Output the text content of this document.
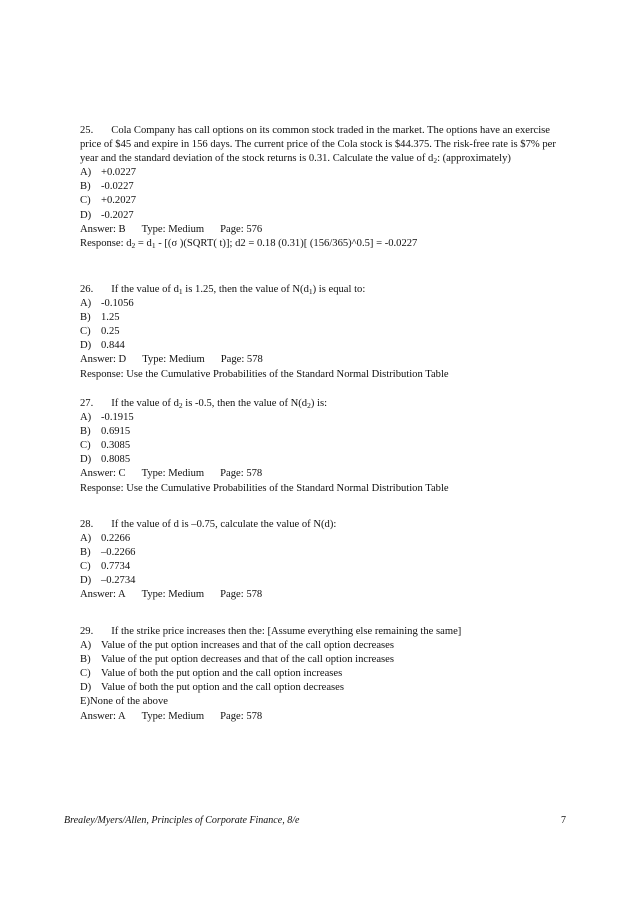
25. Cola Company has call options on its common stock traded in the market. The options have an exercise price of $45 and expire in 156 days. The current price of the Cola stock is $44.375. The risk-free rate is $7% per year and the standard deviation of the stock returns is 0.31. Calculate the value of $d_2$: (approximately)

A) +0.0227
B) -0.0227
C) +0.2027
D) -0.2027
Answer: B Type: Medium Page: 576
Response: $d_2 = d_1 - [(\sigma$ )(SQRT( t)]; d2 = 0.18 (0.31)[ (156/365)^0.5] = -0.0227

26. If the value of $d_1$ is 1.25, then the value of $N(d_1)$ is equal to:

A) -0.1056
B) 1.25
C) 0.25
D) 0.844
Answer: D Type: Medium Page: 578
Response: Use the Cumulative Probabilities of the Standard Normal Distribution Table

27. If the value of $d_2$ is -0.5, then the value of $N(d_2)$ is:

A) -0.1915
B) 0.6915
C) 0.3085
D) 0.8085
Answer: C Type: Medium Page: 578
Response: Use the Cumulative Probabilities of the Standard Normal Distribution Table

28. If the value of d is –0.75, calculate the value of N(d):

A) 0.2266
B) –0.2266
C) 0.7734
D) –0.2734
Answer: A Type: Medium Page: 578

29. If the strike price increases then the: [Assume everything else remaining the same]

A) Value of the put option increases and that of the call option decreases
B) Value of the put option decreases and that of the call option increases
C) Value of both the put option and the call option increases
D) Value of both the put option and the call option decreases
E)None of the above
Answer: A Type: Medium Page: 578
Brealey/Myers/Allen, Principles of Corporate Finance, 8/e	7
